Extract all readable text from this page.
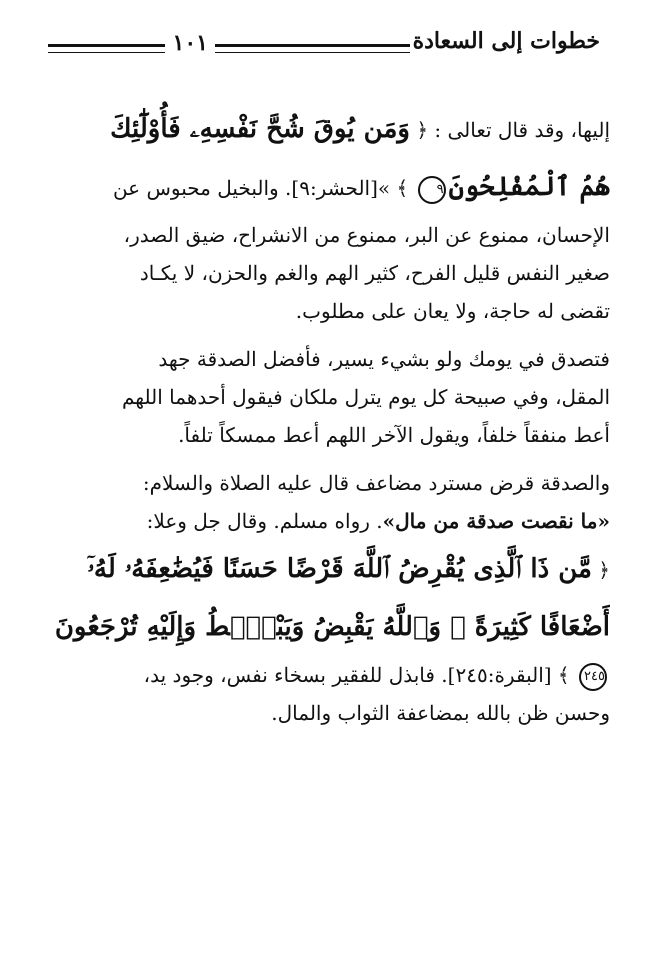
خطوات إلى السعادة
١٠١

إليها، وقد قال تعالى : ﴿ وَمَن يُوقَ شُحَّ نَفْسِهِۦ فَأُوْلَٰٓئِكَ

هُمُ ٱلْمُفْلِحُونَ٩ ﴾ »[الحشر:٩]. والبخيل محبوس عن

الإحسان، ممنوع عن البر، ممنوع من الانشراح، ضيق الصدر،

صغير النفس قليل الفرح، كثير الهم والغم والحزن، لا يكـاد

تقضى له حاجة، ولا يعان على مطلوب.

فتصدق في يومك ولو بشيء يسير، فأفضل الصدقة جهد

المقل، وفي صبيحة كل يوم يترل ملكان فيقول أحدهما اللهم

أعط منفقاً خلفاً، ويقول الآخر اللهم أعط ممسكاً تلفاً.

والصدقة قرض مسترد مضاعف قال عليه الصلاة والسلام:

«ما نقصت صدقة من مال». رواه مسلم. وقال جل وعلا:

﴿ مَّن ذَا ٱلَّذِى يُقْرِضُ ٱللَّهَ قَرْضًا حَسَنًا فَيُضَٰعِفَهُۥ لَهُۥٓ

أَضْعَافًا كَثِيرَةً ۚ وَٱللَّهُ يَقْبِضُ وَيَبْصُۜطُ وَإِلَيْهِ تُرْجَعُونَ

٢٤٥ ﴾ [البقرة:٢٤٥]. فابذل للفقير بسخاء نفس، وجود يد،

وحسن ظن بالله بمضاعفة الثواب والمال.
